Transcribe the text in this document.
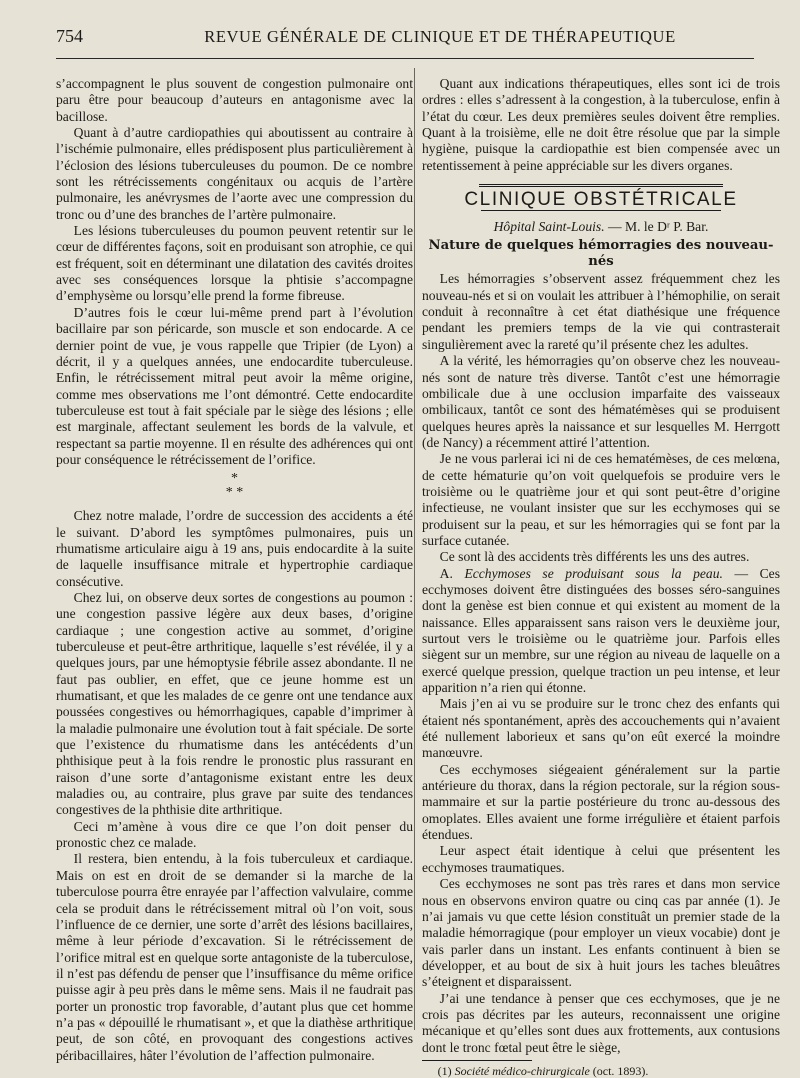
754	REVUE GÉNÉRALE DE CLINIQUE ET DE THÉRAPEUTIQUE

s’accompagnent le plus souvent de congestion pulmonaire ont paru être pour beaucoup d’auteurs en antagonisme avec la bacillose.

Quant à d’autre cardiopathies qui aboutissent au contraire à l’ischémie pulmonaire, elles prédisposent plus particulièrement à l’éclosion des lésions tuberculeuses du poumon. De ce nombre sont les rétrécissements congénitaux ou acquis de l’artère pulmonaire, les anévrysmes de l’aorte avec une compression du tronc ou d’une des branches de l’artère pulmonaire.

Les lésions tuberculeuses du poumon peuvent retentir sur le cœur de différentes façons, soit en produisant son atrophie, ce qui est fréquent, soit en déterminant une dilatation des cavités droites avec ses conséquences lorsque la phtisie s’accompagne d’emphysème ou lorsqu’elle prend la forme fibreuse.

D’autres fois le cœur lui-même prend part à l’évolution bacillaire par son péricarde, son muscle et son endocarde. A ce dernier point de vue, je vous rappelle que Tripier (de Lyon) a décrit, il y a quelques années, une endocardite tuberculeuse. Enfin, le rétrécissement mitral peut avoir la même origine, comme mes observations me l’ont démontré. Cette endocardite tuberculeuse est tout à fait spéciale par le siège des lésions ; elle est marginale, affectant seulement les bords de la valvule, et respectant sa partie moyenne. Il en résulte des adhérences qui ont pour conséquence le rétrécissement de l’orifice.

*
* *

Chez notre malade, l’ordre de succession des accidents a été le suivant. D’abord les symptômes pulmonaires, puis un rhumatisme articulaire aigu à 19 ans, puis endocardite à la suite de laquelle insuffisance mitrale et hypertrophie cardiaque consécutive.

Chez lui, on observe deux sortes de congestions au poumon : une congestion passive légère aux deux bases, d’origine cardiaque ; une congestion active au sommet, d’origine tuberculeuse et peut-être arthritique, laquelle s’est révélée, il y a quelques jours, par une hémoptysie fébrile assez abondante. Il ne faut pas oublier, en effet, que ce jeune homme est un rhumatisant, et que les malades de ce genre ont une tendance aux poussées congestives ou hémorrhagiques, capable d’imprimer à la maladie pulmonaire une évolution tout à fait spéciale. De sorte que l’existence du rhumatisme dans les antécédents d’un phthisique peut à la fois rendre le pronostic plus rassurant en raison d’une sorte d’antagonisme existant entre les deux maladies ou, au contraire, plus grave par suite des tendances congestives de la phthisie dite arthritique.

Ceci m’amène à vous dire ce que l’on doit penser du pronostic chez ce malade.

Il restera, bien entendu, à la fois tuberculeux et cardiaque. Mais on est en droit de se demander si la marche de la tuberculose pourra être enrayée par l’affection valvulaire, comme cela se produit dans le rétrécissement mitral où l’on voit, sous l’influence de ce dernier, une sorte d’arrêt des lésions bacillaires, même à leur période d’excavation. Si le rétrécissement de l’orifice mitral est en quelque sorte antagoniste de la tuberculose, il n’est pas défendu de penser que l’insuffisance du même orifice puisse agir à peu près dans le même sens. Mais il ne faudrait pas porter un pronostic trop favorable, d’autant plus que cet homme n’a pas « dépouillé le rhumatisant », et que la diathèse arthritique peut, de son côté, en provoquant des congestions actives péribacillaires, hâter l’évolution de l’affection pulmonaire.

Quant aux indications thérapeutiques, elles sont ici de trois ordres : elles s’adressent à la congestion, à la tuberculose, enfin à l’état du cœur. Les deux premières seules doivent être remplies. Quant à la troisième, elle ne doit être résolue que par la simple hygiène, puisque la cardiopathie est bien compensée avec un retentissement à peine appréciable sur les divers organes.

CLINIQUE OBSTÉTRICALE
Hôpital Saint-Louis. — M. le Dʳ P. Bar.
Nature de quelques hémorragies des nouveau-nés

Les hémorragies s’observent assez fréquemment chez les nouveau-nés et si on voulait les attribuer à l’hémophilie, on serait conduit à reconnaître à cet état diathésique une fréquence pendant les premiers temps de la vie qui contrasterait singulièrement avec la rareté qu’il présente chez les adultes.

A la vérité, les hémorragies qu’on observe chez les nouveau-nés sont de nature très diverse. Tantôt c’est une hémorragie ombilicale due à une occlusion imparfaite des vaisseaux ombilicaux, tantôt ce sont des hématémèses qui se produisent quelques heures après la naissance et sur lesquelles M. Herrgott (de Nancy) a récemment attiré l’attention.

Je ne vous parlerai ici ni de ces hematémèses, de ces melœna, de cette hématurie qu’on voit quelquefois se produire vers le troisième ou le quatrième jour et qui sont peut-être d’origine infectieuse, ne voulant insister que sur les ecchymoses qui se produisent sur la peau, et sur les hémorragies qui se font par la surface cutanée.

Ce sont là des accidents très différents les uns des autres.

A. Ecchymoses se produisant sous la peau. — Ces ecchymoses doivent être distinguées des bosses séro-sanguines dont la genèse est bien connue et qui existent au moment de la naissance. Elles apparaissent sans raison vers le deuxième jour, surtout vers le troisième ou le quatrième jour. Parfois elles siègent sur un membre, sur une région au niveau de laquelle on a exercé quelque pression, quelque traction un peu intense, et leur apparition n’a rien qui étonne.

Mais j’en ai vu se produire sur le tronc chez des enfants qui étaient nés spontanément, après des accouchements qui n’avaient été nullement laborieux et sans qu’on eût exercé la moindre manœuvre.

Ces ecchymoses siégeaient généralement sur la partie antérieure du thorax, dans la région pectorale, sur la région sous-mammaire et sur la partie postérieure du tronc au-dessous des omoplates. Elles avaient une forme irrégulière et étaient parfois étendues.

Leur aspect était identique à celui que présentent les ecchymoses traumatiques.

Ces ecchymoses ne sont pas très rares et dans mon service nous en observons environ quatre ou cinq cas par année (1). Je n’ai jamais vu que cette lésion constituât un premier stade de la maladie hémorragique (pour employer un vieux vocabie) dont je vais parler dans un instant. Les enfants continuent à bien se développer, et au bout de six à huit jours les taches bleuâtres s’éteignent et disparaissent.

J’ai une tendance à penser que ces ecchymoses, que je ne crois pas décrites par les auteurs, reconnaissent une origine mécanique et qu’elles sont dues aux frottements, aux contusions dont le tronc fœtal peut être le siège,

(1) Société médico-chirurgicale (oct. 1893).
